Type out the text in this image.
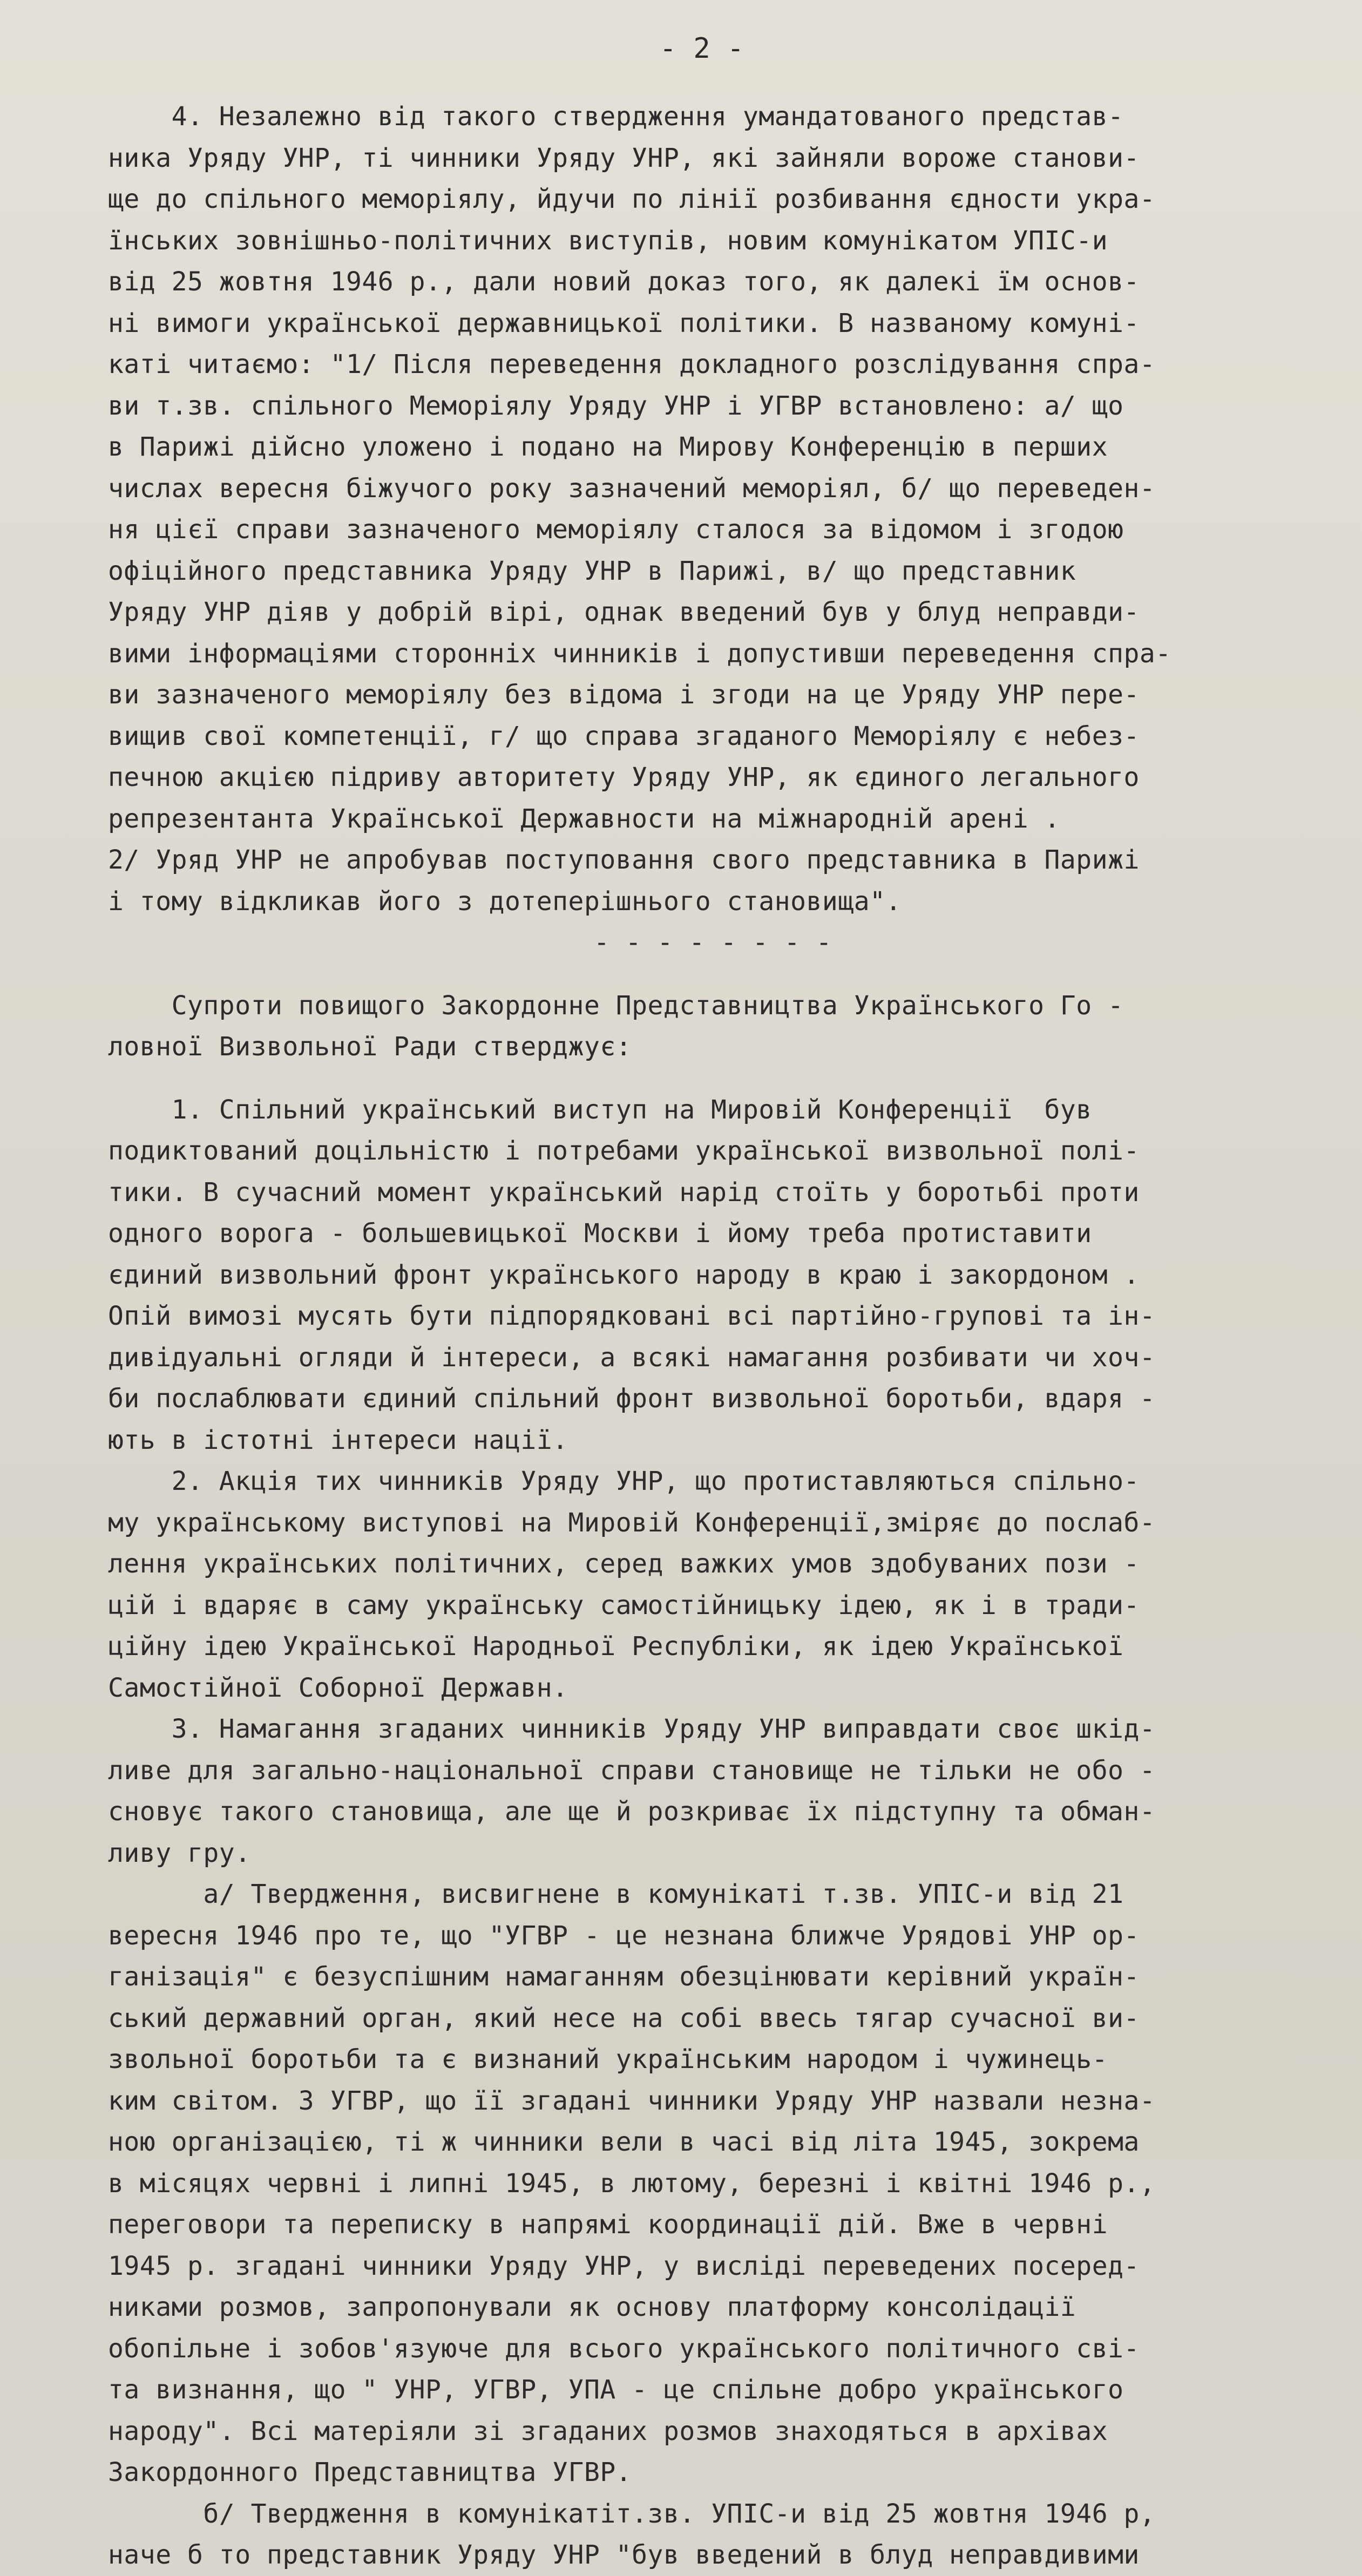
- 2 -
4. Незалежно від такого ствердження умандатованого представ-
ника Уряду УНР, ті чинники Уряду УНР, які зайняли вороже станови-
ще до спільного меморіялу, йдучи по лінії розбивання єдности укра-
їнських зовнішньо-політичних виступів, новим комунікатом УПІС-и
від 25 жовтня 1946 р., дали новий доказ того, як далекі їм основ-
ні вимоги української державницької політики. В названому комуні-
каті читаємо: "1/ Після переведення докладного розслідування спра-
ви т.зв. спільного Меморіялу Уряду УНР і УГВР встановлено: а/ що
в Парижі дійсно уложено і подано на Мирову Конференцію в перших
числах вересня біжучого року зазначений меморіял, б/ що переведен-
ня цієї справи зазначеного меморіялу сталося за відомом і згодою
офіційного представника Уряду УНР в Парижі, в/ що представник
Уряду УНР діяв у добрій вірі, однак введений був у блуд неправди-
вими інформаціями сторонніх чинників і допустивши переведення спра-
ви зазначеного меморіялу без відома і згоди на це Уряду УНР пере-
вищив свої компетенції, г/ що справа згаданого Меморіялу є небез-
печною акцією підриву авторитету Уряду УНР, як єдиного легального
репрезентанта Української Державности на міжнародній арені .
2/ Уряд УНР не апробував поступовання свого представника в Парижі
і тому відкликав його з дотеперішнього становища".
- - - - - - - -
Супроти повищого Закордонне Представництва Українського Го -
ловної Визвольної Ради стверджує:
1. Спільний український виступ на Мировій Конференції  був
подиктований доцільністю і потребами української визвольної полі-
тики. В сучасний момент український нарід стоїть у боротьбі проти
одного ворога - большевицької Москви і йому треба протиставити
єдиний визвольний фронт українського народу в краю і закордоном .
Опій вимозі мусять бути підпорядковані всі партійно-групові та ін-
дивідуальні огляди й інтереси, а всякі намагання розбивати чи хоч-
би послаблювати єдиний спільний фронт визвольної боротьби, вдаря -
ють в істотні інтереси нації.
2. Акція тих чинників Уряду УНР, що протиставляються спільно-
му українському виступові на Мировій Конференції,зміряє до послаб-
лення українських політичних, серед важких умов здобуваних пози -
цій і вдаряє в саму українську самостійницьку ідею, як і в тради-
ційну ідею Української Народньої Республіки, як ідею Української
Самостійної Соборної Державн.
3. Намагання згаданих чинників Уряду УНР виправдати своє шкід-
ливе для загально-національної справи становище не тільки не обо -
сновує такого становища, але ще й розкриває їх підступну та обман-
ливу гру.
а/ Твердження, висвигнене в комунікаті т.зв. УПІС-и від 21
вересня 1946 про те, що "УГВР - це незнана ближче Урядові УНР ор-
ганізація" є безуспішним намаганням обезцінювати керівний україн-
ський державний орган, який несе на собі ввесь тягар сучасної ви-
звольної боротьби та є визнаний українським народом і чужинець-
ким світом. З УГВР, що її згадані чинники Уряду УНР назвали незна-
ною організацією, ті ж чинники вели в часі від літа 1945, зокрема
в місяцях червні і липні 1945, в лютому, березні і квітні 1946 р.,
переговори та переписку в напрямі координації дій. Вже в червні
1945 р. згадані чинники Уряду УНР, у вислідi переведених посеред-
никами розмов, запропонували як основу платформу консолідації
обопільне і зобов'язуюче для всього українського політичного сві-
та визнання, що " УНР, УГВР, УПА - це спільне добро українського
народу". Всі матеріяли зі згаданих розмов знаходяться в архівах
Закордонного Представництва УГВР.
б/ Твердження в комунікатіт.зв. УПІС-и від 25 жовтня 1946 р,
наче б то представник Уряду УНР "був введений в блуд неправдивими
